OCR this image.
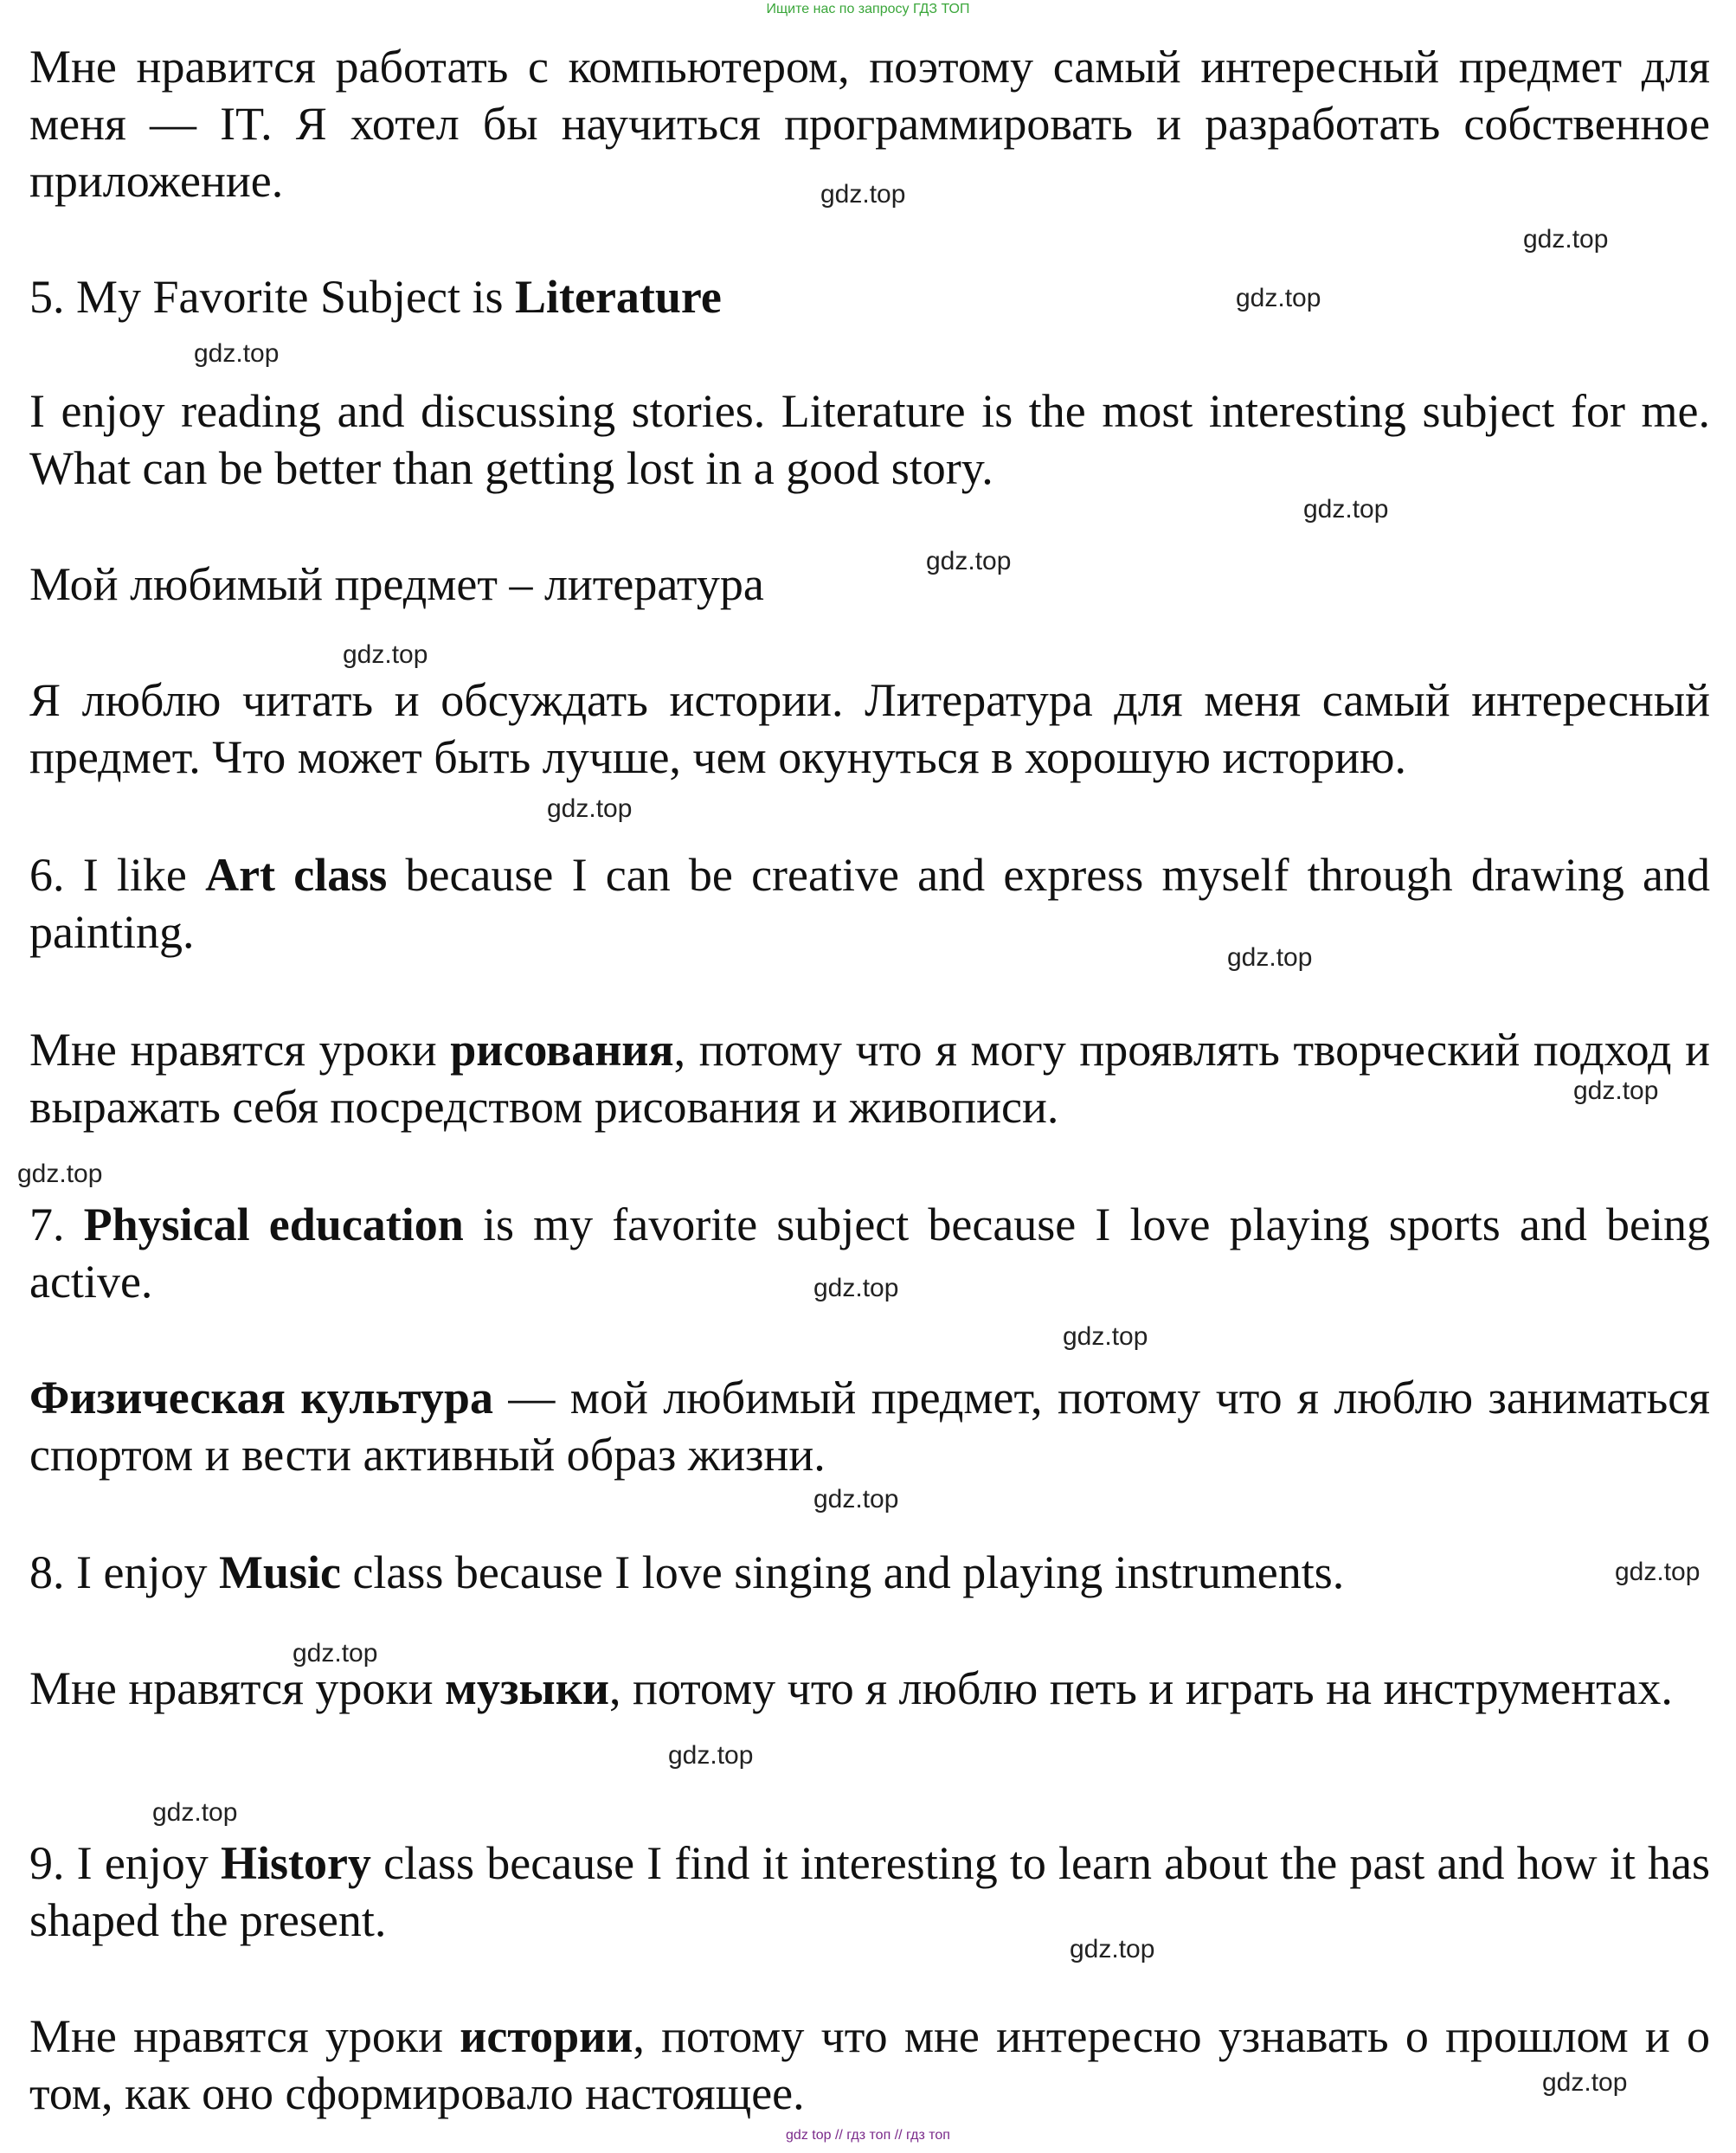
Ищите нас по запросу ГДЗ ТОП

Мне нравится работать с компьютером, поэтому самый интересный предмет для меня — IT. Я хотел бы научиться программировать и разработать собственное приложение.

5. My Favorite Subject is Literature

I enjoy reading and discussing stories. Literature is the most interesting subject for me. What can be better than getting lost in a good story.

Мой любимый предмет – литература

Я люблю читать и обсуждать истории. Литература для меня самый интересный предмет. Что может быть лучше, чем окунуться в хорошую историю.

6. I like Art class because I can be creative and express myself through drawing and painting.

Мне нравятся уроки рисования, потому что я могу проявлять творческий подход и выражать себя посредством рисования и живописи.

7. Physical education is my favorite subject because I love playing sports and being active.

Физическая культура — мой любимый предмет, потому что я люблю заниматься спортом и вести активный образ жизни.

8. I enjoy Music class because I love singing and playing instruments.

Мне нравятся уроки музыки, потому что я люблю петь и играть на инструментах.

9. I enjoy History class because I find it interesting to learn about the past and how it has shaped the present.

Мне нравятся уроки истории, потому что мне интересно узнавать о прошлом и о том, как оно сформировало настоящее.

gdz.top
gdz.top
gdz.top
gdz.top
gdz.top
gdz.top
gdz.top
gdz.top
gdz.top
gdz.top
gdz.top
gdz.top
gdz.top
gdz.top
gdz.top
gdz.top
gdz.top
gdz.top
gdz.top
gdz.top
gdz top // гдз топ // гдз топ
